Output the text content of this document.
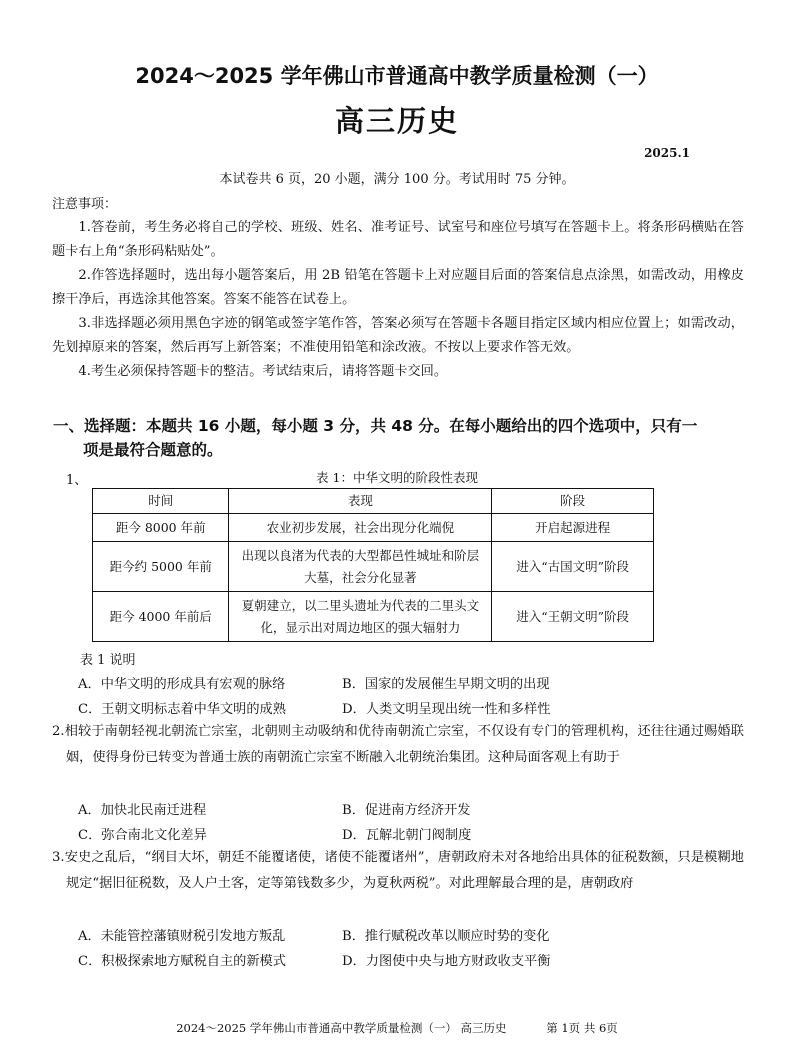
2024～2025 学年佛山市普通高中教学质量检测（一）
高三历史
2025.1
本试卷共 6 页，20 小题，满分 100 分。考试用时 75 分钟。
注意事项：

1.答卷前，考生务必将自己的学校、班级、姓名、准考证号、试室号和座位号填写在答题卡上。将条形码横贴在答题卡右上角“条形码粘贴处”。

2.作答选择题时，选出每小题答案后，用 2B 铅笔在答题卡上对应题目后面的答案信息点涂黑，如需改动，用橡皮擦干净后，再选涂其他答案。答案不能答在试卷上。

3.非选择题必须用黑色字迹的钢笔或签字笔作答，答案必须写在答题卡各题目指定区域内相应位置上；如需改动，先划掉原来的答案，然后再写上新答案；不准使用铅笔和涂改液。不按以上要求作答无效。

4.考生必须保持答题卡的整洁。考试结束后，请将答题卡交回。

一、选择题：本题共 16 小题，每小题 3 分，共 48 分。在每小题给出的四个选项中，只有一
项是最符合题意的。
1、	表 1：中华文明的阶段性表现
时间	表现	阶段
距今 8000 年前	农业初步发展，社会出现分化端倪	开启起源进程
距今约 5000 年前	出现以良渚为代表的大型都邑性城址和阶层大墓，社会分化显著	进入“古国文明”阶段
距今 4000 年前后	夏朝建立，以二里头遗址为代表的二里头文化，显示出对周边地区的强大辐射力	进入“王朝文明”阶段
表 1 说明
A．中华文明的形成具有宏观的脉络	B．国家的发展催生早期文明的出现
C．王朝文明标志着中华文明的成熟	D．人类文明呈现出统一性和多样性

2.相较于南朝轻视北朝流亡宗室，北朝则主动吸纳和优待南朝流亡宗室，不仅设有专门的管理机构，还往往通过赐婚联姻，使得身份已转变为普通士族的南朝流亡宗室不断融入北朝统治集团。这种局面客观上有助于

A．加快北民南迁进程	B．促进南方经济开发
C．弥合南北文化差异	D．瓦解北朝门阀制度

3.安史之乱后，“纲目大坏，朝廷不能覆诸使，诸使不能覆诸州”，唐朝政府未对各地给出具体的征税数额，只是模糊地规定“据旧征税数，及人户土客，定等第钱数多少，为夏秋两税”。对此理解最合理的是，唐朝政府

A．未能管控藩镇财税引发地方叛乱	B．推行赋税改革以顺应时势的变化
C．积极探索地方赋税自主的新模式	D．力图使中央与地方财政收支平衡
2024～2025 学年佛山市普通高中教学质量检测（一） 高三历史	第 1页 共 6页
